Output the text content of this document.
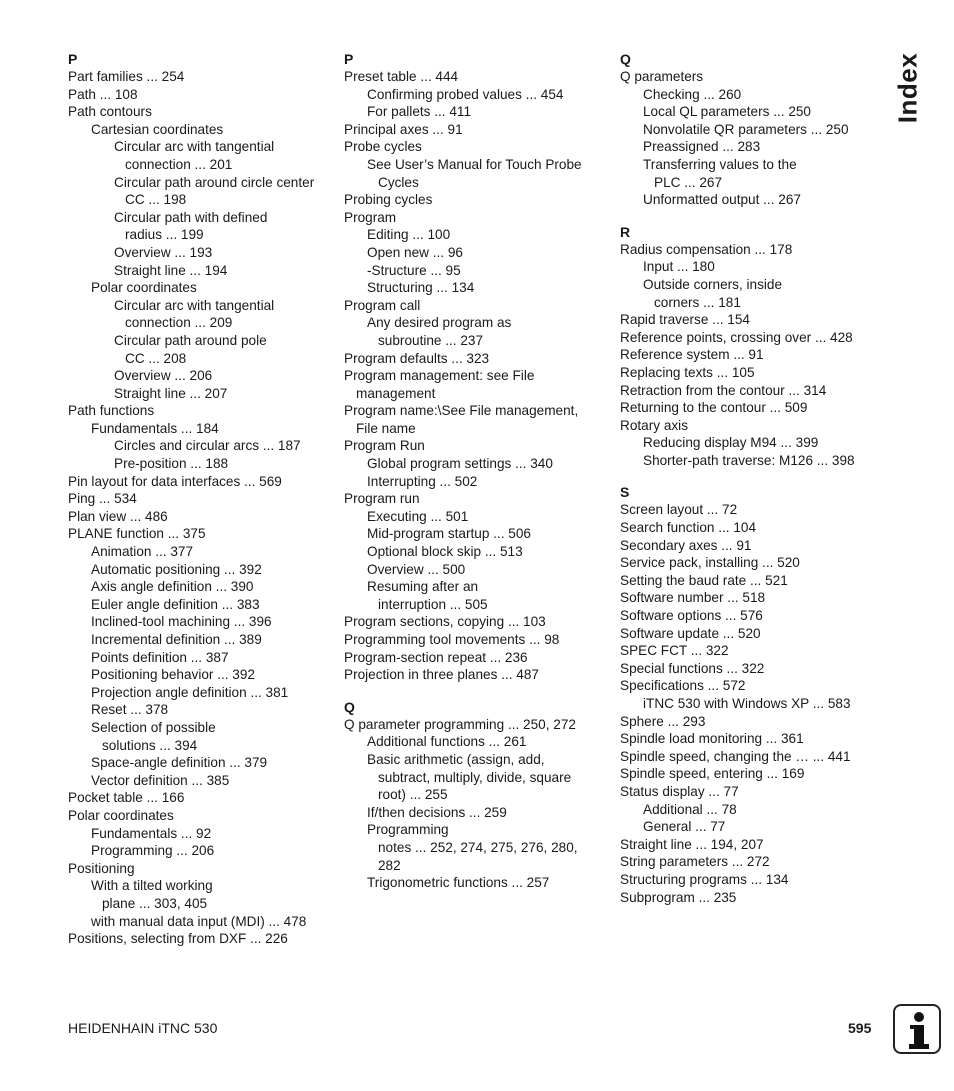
P
Part families ... 254
Path ... 108
Path contours
Cartesian coordinates
Circular arc with tangential
connection ... 201
Circular path around circle center
CC ... 198
Circular path with defined
radius ... 199
Overview ... 193
Straight line ... 194
Polar coordinates
Circular arc with tangential
connection ... 209
Circular path around pole
CC ... 208
Overview ... 206
Straight line ... 207
Path functions
Fundamentals ... 184
Circles and circular arcs ... 187
Pre-position ... 188
Pin layout for data interfaces ... 569
Ping ... 534
Plan view ... 486
PLANE function ... 375
Animation ... 377
Automatic positioning ... 392
Axis angle definition ... 390
Euler angle definition ... 383
Inclined-tool machining ... 396
Incremental definition ... 389
Points definition ... 387
Positioning behavior ... 392
Projection angle definition ... 381
Reset ... 378
Selection of possible
solutions ... 394
Space-angle definition ... 379
Vector definition ... 385
Pocket table ... 166
Polar coordinates
Fundamentals ... 92
Programming ... 206
Positioning
With a tilted working
plane ... 303, 405
with manual data input (MDI) ... 478
Positions, selecting from DXF ... 226
P
Preset table ... 444
Confirming probed values ... 454
For pallets ... 411
Principal axes ... 91
Probe cycles
See User’s Manual for Touch Probe
Cycles
Probing cycles
Program
Editing ... 100
Open new ... 96
-Structure ... 95
Structuring ... 134
Program call
Any desired program as
subroutine ... 237
Program defaults ... 323
Program management: see File
management
Program name:\See File management,
File name
Program Run
Global program settings ... 340
Interrupting ... 502
Program run
Executing ... 501
Mid-program startup ... 506
Optional block skip ... 513
Overview ... 500
Resuming after an
interruption ... 505
Program sections, copying ... 103
Programming tool movements ... 98
Program-section repeat ... 236
Projection in three planes ... 487
Q
Q parameter programming ... 250, 272
Additional functions ... 261
Basic arithmetic (assign, add,
subtract, multiply, divide, square
root) ... 255
If/then decisions ... 259
Programming
notes ... 252, 274, 275, 276, 280,
282
Trigonometric functions ... 257
Q
Q parameters
Checking ... 260
Local QL parameters ... 250
Nonvolatile QR parameters ... 250
Preassigned ... 283
Transferring values to the
PLC ... 267
Unformatted output ... 267
R
Radius compensation ... 178
Input ... 180
Outside corners, inside
corners ... 181
Rapid traverse ... 154
Reference points, crossing over ... 428
Reference system ... 91
Replacing texts ... 105
Retraction from the contour ... 314
Returning to the contour ... 509
Rotary axis
Reducing display M94 ... 399
Shorter-path traverse: M126 ... 398
S
Screen layout ... 72
Search function ... 104
Secondary axes ... 91
Service pack, installing ... 520
Setting the baud rate ... 521
Software number ... 518
Software options ... 576
Software update ... 520
SPEC FCT ... 322
Special functions ... 322
Specifications ... 572
iTNC 530 with Windows XP ... 583
Sphere ... 293
Spindle load monitoring ... 361
Spindle speed, changing the … ... 441
Spindle speed, entering ... 169
Status display ... 77
Additional ... 78
General ... 77
Straight line ... 194, 207
String parameters ... 272
Structuring programs ... 134
Subprogram ... 235
Index
HEIDENHAIN iTNC 530	595
